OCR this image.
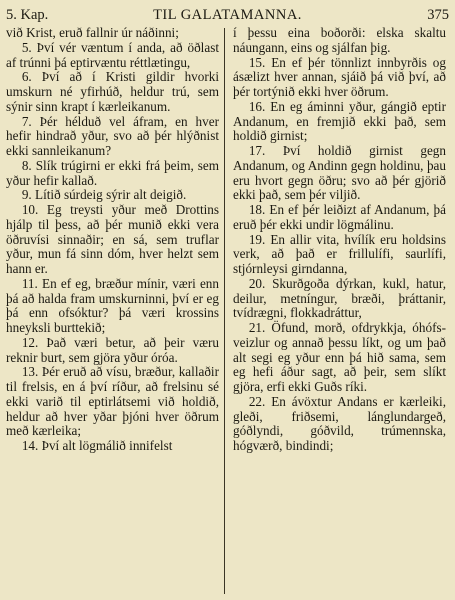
5. Kap.	TIL GALATAMANNA.	375

við Krist, eruð fallnir úr náðinni;

5. Því vér væntum í anda, að öðlast af trúnni þá eptirvæntu réttlætingu,

6. Því að í Kristi gildir hvorki umskurn né yfirhúð, heldur trú, sem sýnir sinn krapt í kærleikanum.

7. Þér hélduð vel áfram, en hver hefir hindrað yður, svo að þér hlýðnist ekki sannleikanum?

8. Slík trúgirni er ekki frá þeim, sem yður hefir kallað.

9. Lítið súrdeig sýrir alt deigið.

10. Eg treysti yður með Drottins hjálp til þess, að þér munið ekki vera öðruvísi sinnaðir; en sá, sem truflar yður, mun fá sinn dóm, hver helzt sem hann er.

11. En ef eg, bræður mínir, væri enn þá að halda fram umskurninni, því er eg þá enn ofsóktur? þá væri krossins hneyksli burttekið;

12. Það væri betur, að þeir væru reknir burt, sem gjöra yður óróa.

13. Þér eruð að vísu, bræður, kallaðir til frelsis, en á því ríður, að frelsinu sé ekki varið til eptirlátsemi við holdið, heldur að hver yðar þjóni hver öðrum með kærleika;

14. Því alt lögmálið innifelst

í þessu eina boðorði: elska skaltu náungann, eins og sjálfan þig.

15. En ef þér tönnlizt innbyrðis og ásælizt hver annan, sjáið þá við því, að þér tortýnið ekki hver öðrum.

16. En eg áminni yður, gángið eptir Andanum, en fremjið ekki það, sem holdið girnist;

17. Því holdið girnist gegn Andanum, og Andinn gegn holdinu, þau eru hvort gegn öðru; svo að þér gjörið ekki það, sem þér viljið.

18. En ef þér leiðizt af Andanum, þá eruð þér ekki undir lögmálinu.

19. En allir vita, hvílík eru holdsins verk, að það er frillulífi, saurlífi, stjórnleysi girndanna,

20. Skurðgoða dýrkan, kukl, hatur, deilur, metníngur, bræði, þráttanir, tvídrægni, flokkadráttur,

21. Öfund, morð, ofdrykkja, óhófs-veizlur og annað þessu líkt, og um það alt segi eg yður enn þá hið sama, sem eg hefi áður sagt, að þeir, sem slíkt gjöra, erfi ekki Guðs ríki.

22. En ávöxtur Andans er kærleiki, gleði, friðsemi, lánglundargeð, góðlyndi, góðvild, trúmennska, hógværð, bindindi;
